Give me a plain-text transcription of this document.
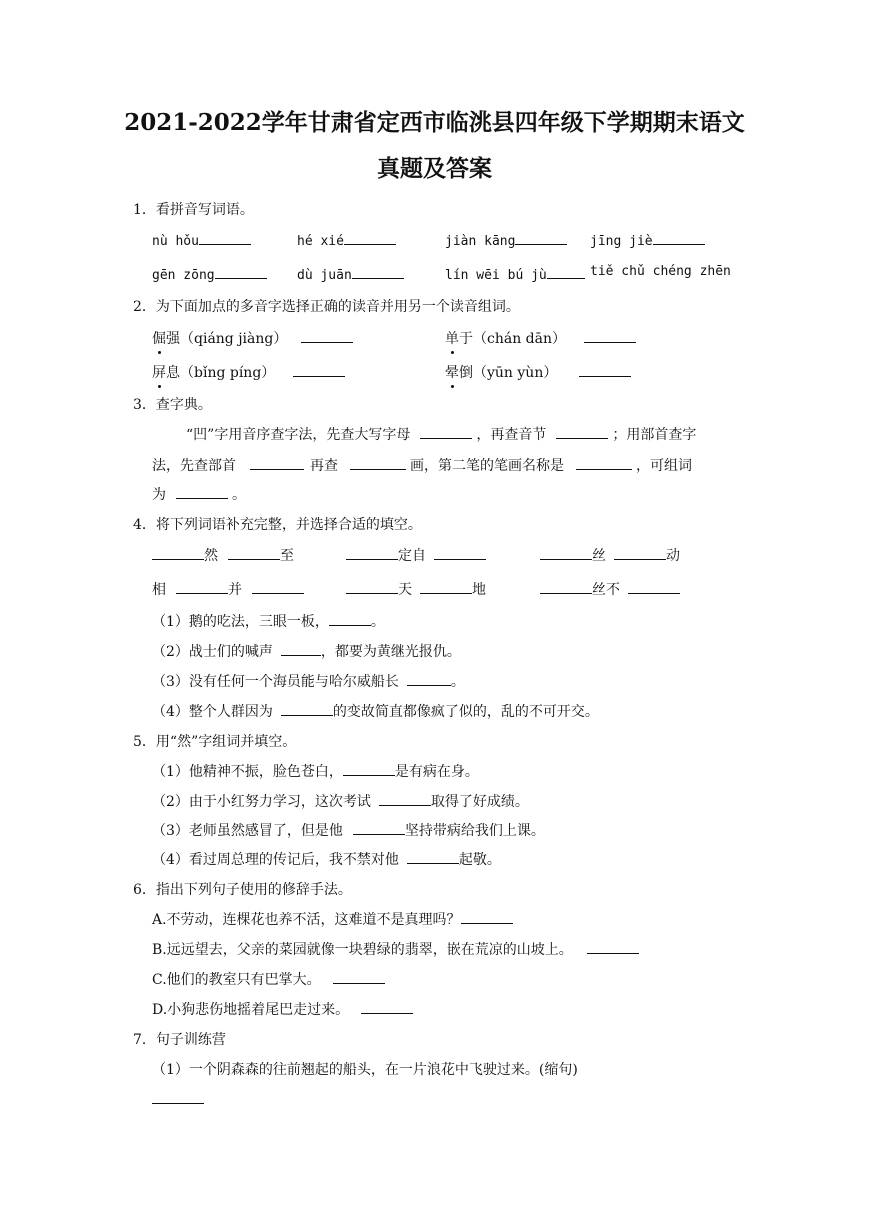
2021-2022学年甘肃省定西市临洮县四年级下学期期末语文
真题及答案
1．看拼音写词语。
nù hǒu	hé xié	jiàn kāng	jīng jiè
gēn zōng	dù juān	lín wēi bú jù	tiě chǔ chéng zhēn
2．为下面加点的多音字选择正确的读音并用另一个读音组词。
倔强（qiáng jiàng）	单于（chán dān）
屏息（bǐng píng）	晕倒（yūn yùn）
3．查字典。
“凹”字用音序查字法，先查大写字母	，再查音节	；用部首查字
法，先查部首	再查	画，第二笔的笔画名称是	，可组词
为	。
4．将下列词语补充完整，并选择合适的填空。
然	至	定自	丝	动
相	并	天	地	丝不
（1）鹅的吃法，三眼一板，	。
（2）战士们的喊声	，都要为黄继光报仇。
（3）没有任何一个海员能与哈尔威船长	。
（4）整个人群因为	的变故简直都像疯了似的，乱的不可开交。
5．用“然”字组词并填空。
（1）他精神不振，脸色苍白，	是有病在身。
（2）由于小红努力学习，这次考试	取得了好成绩。
（3）老师虽然感冒了，但是他	坚持带病给我们上课。
（4）看过周总理的传记后，我不禁对他	起敬。
6．指出下列句子使用的修辞手法。
A.不劳动，连棵花也养不活，这难道不是真理吗？
B.远远望去，父亲的菜园就像一块碧绿的翡翠，嵌在荒凉的山坡上。
C.他们的教室只有巴掌大。
D.小狗悲伤地摇着尾巴走过来。
7．句子训练营
（1）一个阴森森的往前翘起的船头，在一片浪花中飞驶过来。(缩句)
